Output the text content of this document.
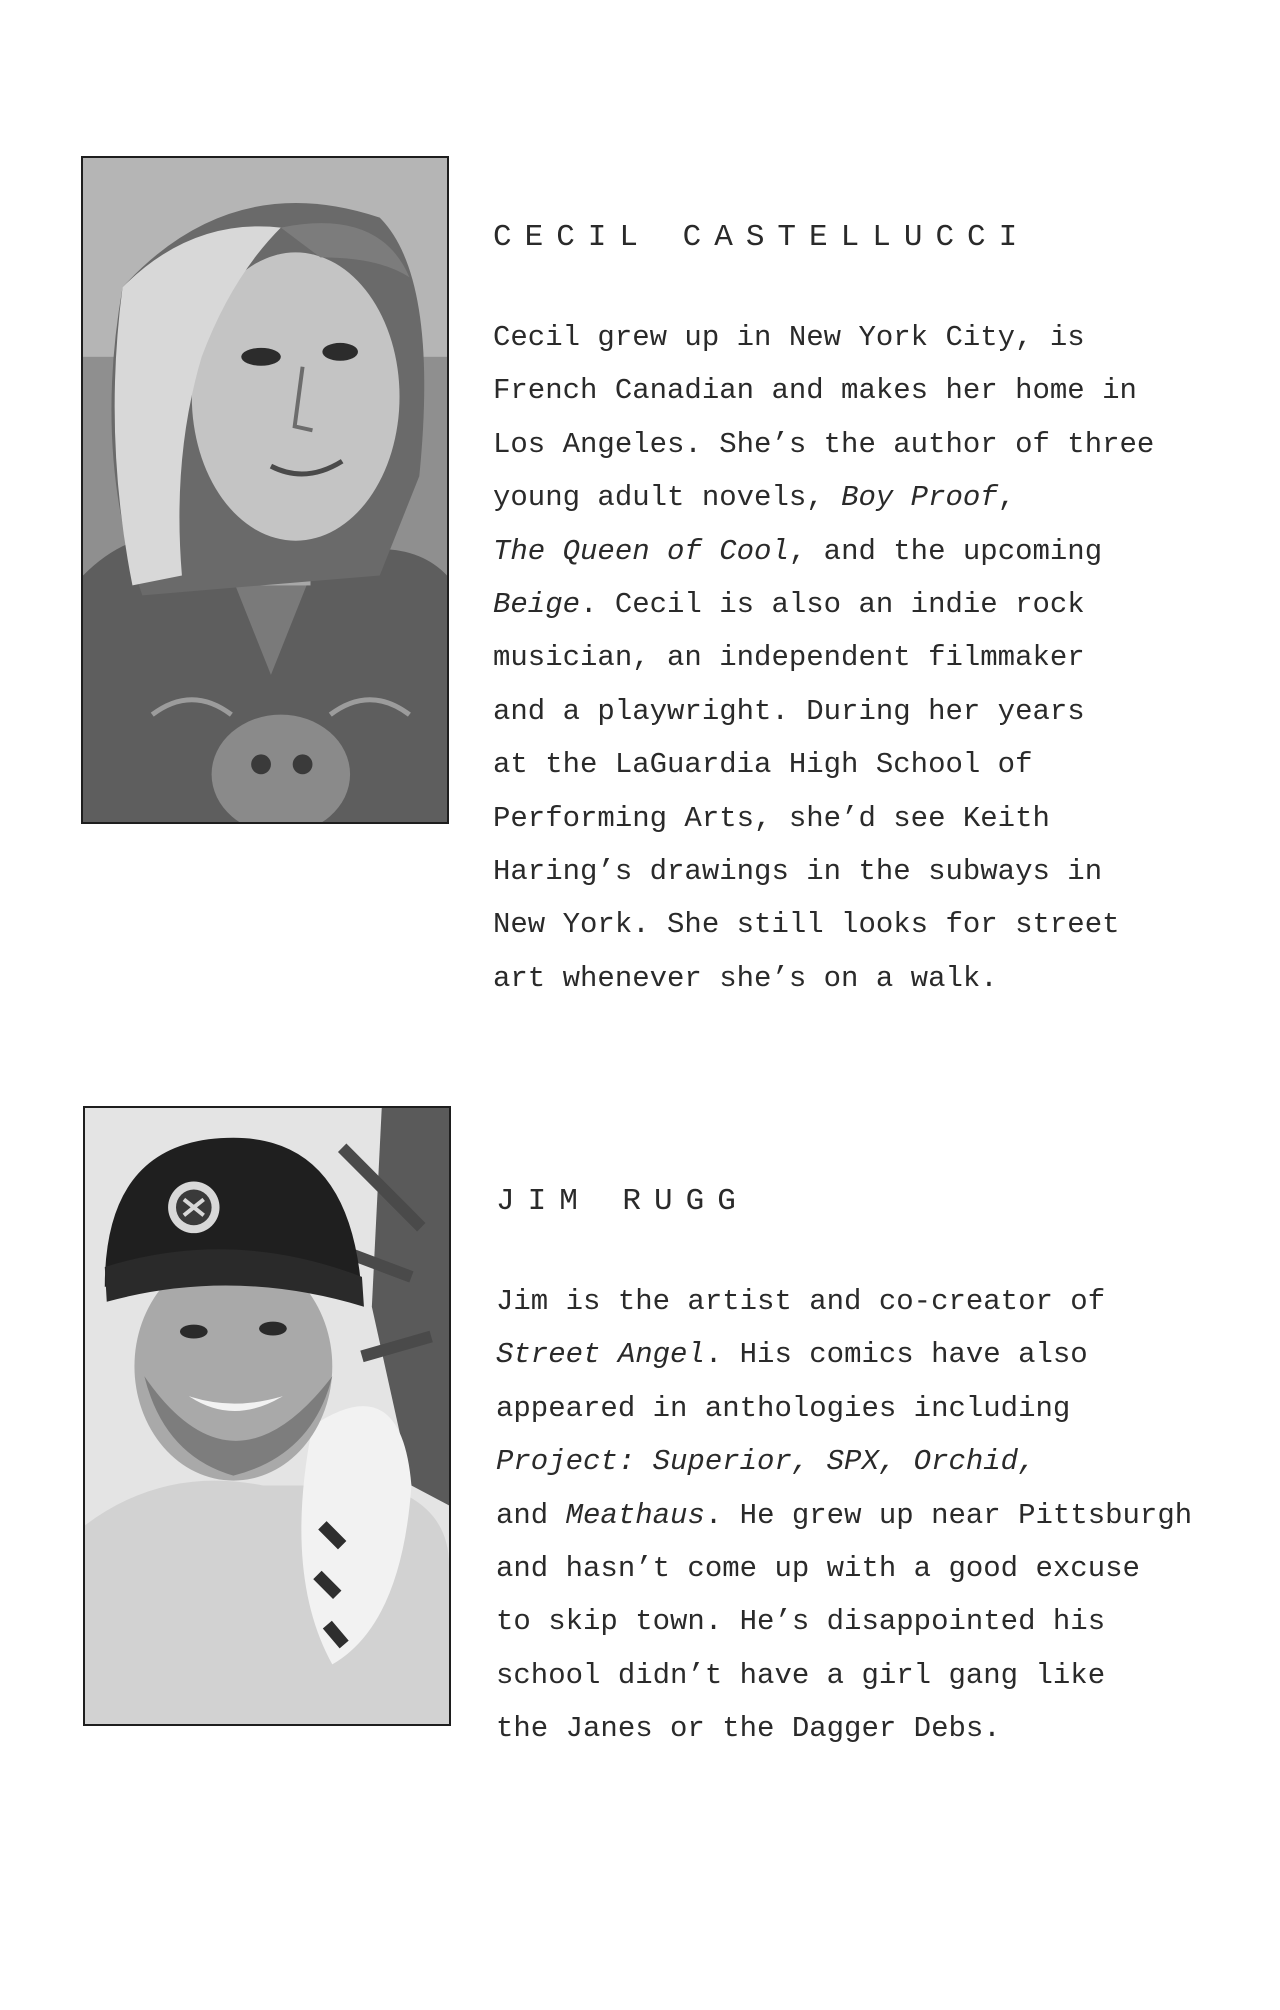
CECIL CASTELLUCCI

Cecil grew up in New York City, is
French Canadian and makes her home in
Los Angeles. She’s the author of three
young adult novels, Boy Proof,
The Queen of Cool, and the upcoming
Beige. Cecil is also an indie rock
musician, an independent filmmaker
and a playwright. During her years
at the LaGuardia High School of
Performing Arts, she’d see Keith
Haring’s drawings in the subways in
New York. She still looks for street
art whenever she’s on a walk.

JIM RUGG

Jim is the artist and co-creator of
Street Angel. His comics have also
appeared in anthologies including
Project: Superior, SPX, Orchid,
and Meathaus. He grew up near Pittsburgh
and hasn’t come up with a good excuse
to skip town. He’s disappointed his
school didn’t have a girl gang like
the Janes or the Dagger Debs.
